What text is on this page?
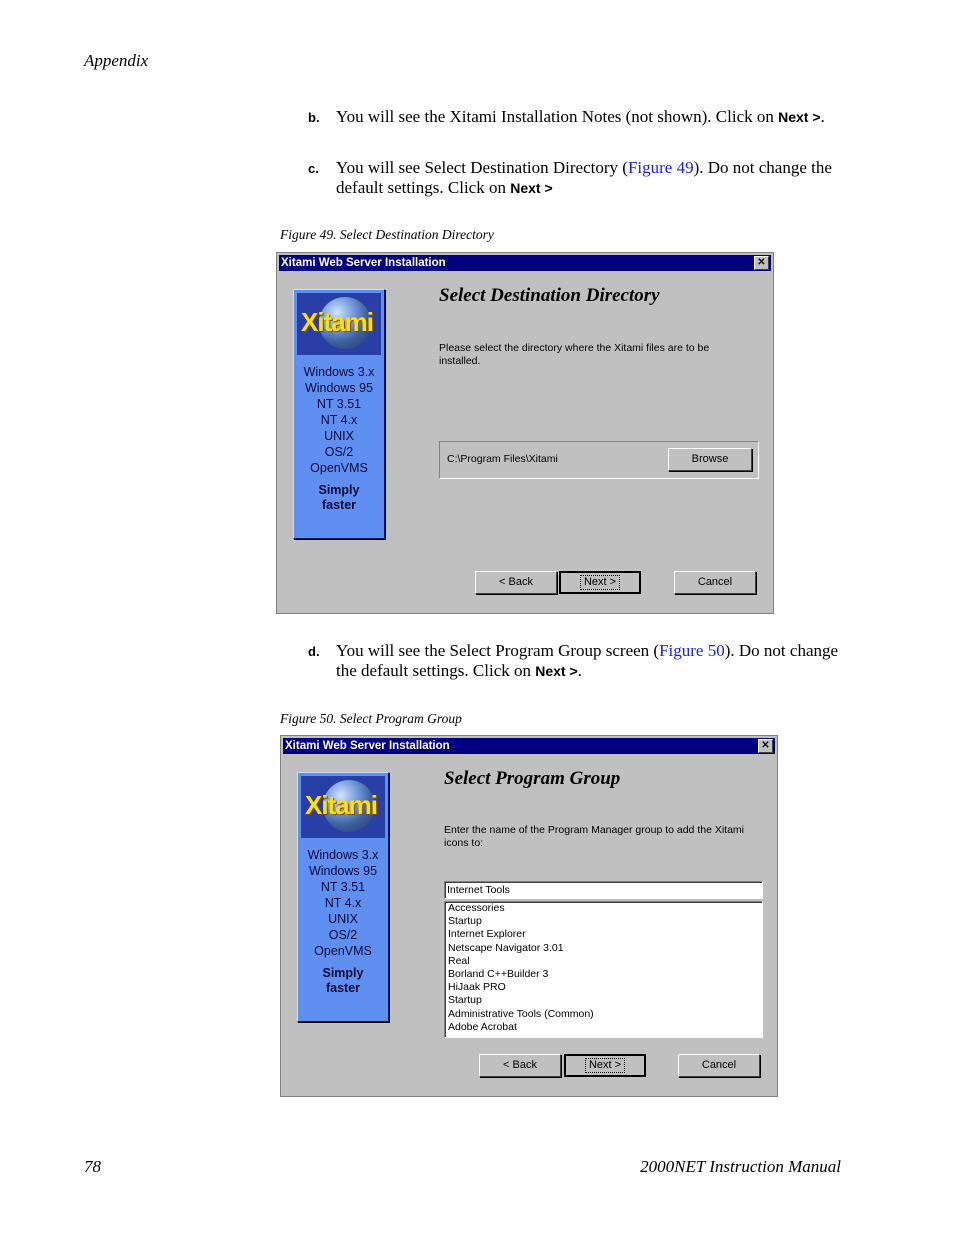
Appendix
78	2000NET Instruction Manual
b. You will see the Xitami Installation Notes (not shown). Click on Next >.
c. You will see Select Destination Directory (Figure 49). Do not change the default settings. Click on Next >
Figure 49. Select Destination Directory
Xitami Web Server Installation	✕
Xitami
Windows 3.x
Windows 95
NT 3.51
NT 4.x
UNIX
OS/2
OpenVMS
Simply
faster
Select Destination Directory
Please select the directory where the Xitami files are to be installed.
C:\Program Files\Xitami	Browse
< Back	Next >	Cancel
d. You will see the Select Program Group screen (Figure 50). Do not change the default settings. Click on Next >.
Figure 50. Select Program Group
Xitami Web Server Installation	✕
Xitami
Windows 3.x
Windows 95
NT 3.51
NT 4.x
UNIX
OS/2
OpenVMS
Simply
faster
Select Program Group
Enter the name of the Program Manager group to add the Xitami icons to:
Internet Tools
Accessories
Startup
Internet Explorer
Netscape Navigator 3.01
Real
Borland C++Builder 3
HiJaak PRO
Startup
Administrative Tools (Common)
Adobe Acrobat
< Back	Next >	Cancel
